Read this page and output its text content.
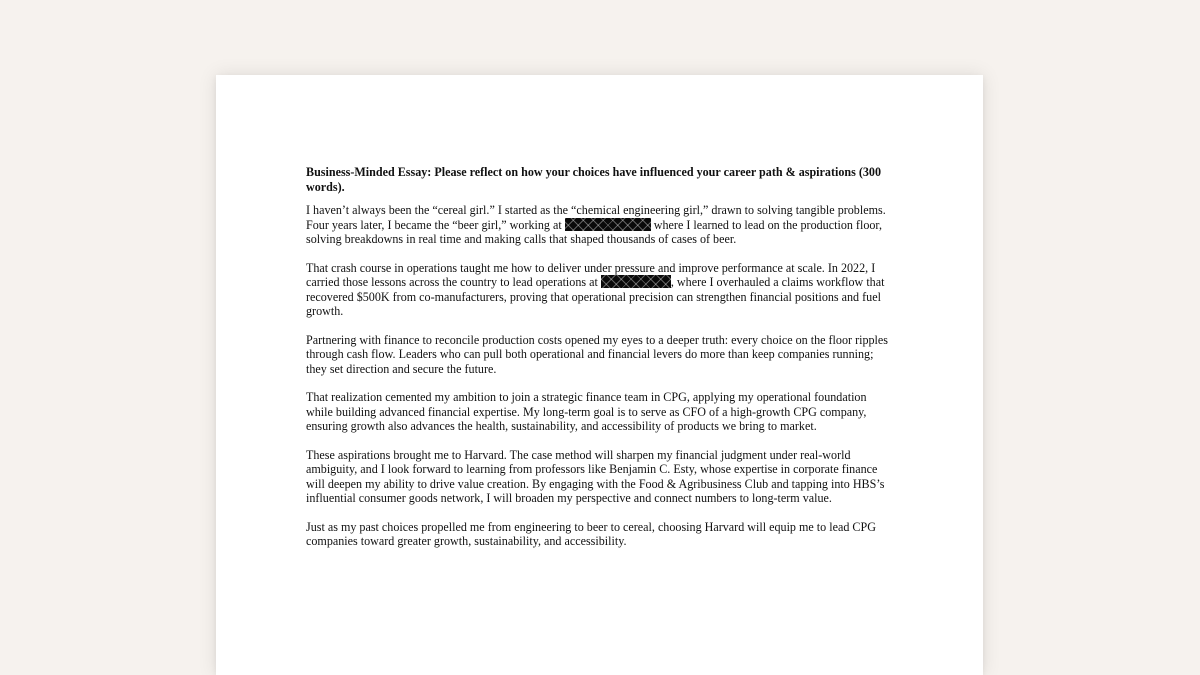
Business-Minded Essay: Please reflect on how your choices have influenced your career path & aspirations (300 words).

I haven’t always been the “cereal girl.” I started as the “chemical engineering girl,” drawn to solving tangible problems. Four years later, I became the “beer girl,” working at	where I learned to lead on the production floor, solving breakdowns in real time and making calls that shaped thousands of cases of beer.

That crash course in operations taught me how to deliver under pressure and improve performance at scale. In 2022, I carried those lessons across the country to lead operations at	, where I overhauled a claims workflow that recovered $500K from co-manufacturers, proving that operational precision can strengthen financial positions and fuel growth.

Partnering with finance to reconcile production costs opened my eyes to a deeper truth: every choice on the floor ripples through cash flow. Leaders who can pull both operational and financial levers do more than keep companies running; they set direction and secure the future.

That realization cemented my ambition to join a strategic finance team in CPG, applying my operational foundation while building advanced financial expertise. My long-term goal is to serve as CFO of a high-growth CPG company, ensuring growth also advances the health, sustainability, and accessibility of products we bring to market.

These aspirations brought me to Harvard. The case method will sharpen my financial judgment under real-world ambiguity, and I look forward to learning from professors like Benjamin C. Esty, whose expertise in corporate finance will deepen my ability to drive value creation. By engaging with the Food & Agribusiness Club and tapping into HBS’s influential consumer goods network, I will broaden my perspective and connect numbers to long-term value.

Just as my past choices propelled me from engineering to beer to cereal, choosing Harvard will equip me to lead CPG companies toward greater growth, sustainability, and accessibility.
